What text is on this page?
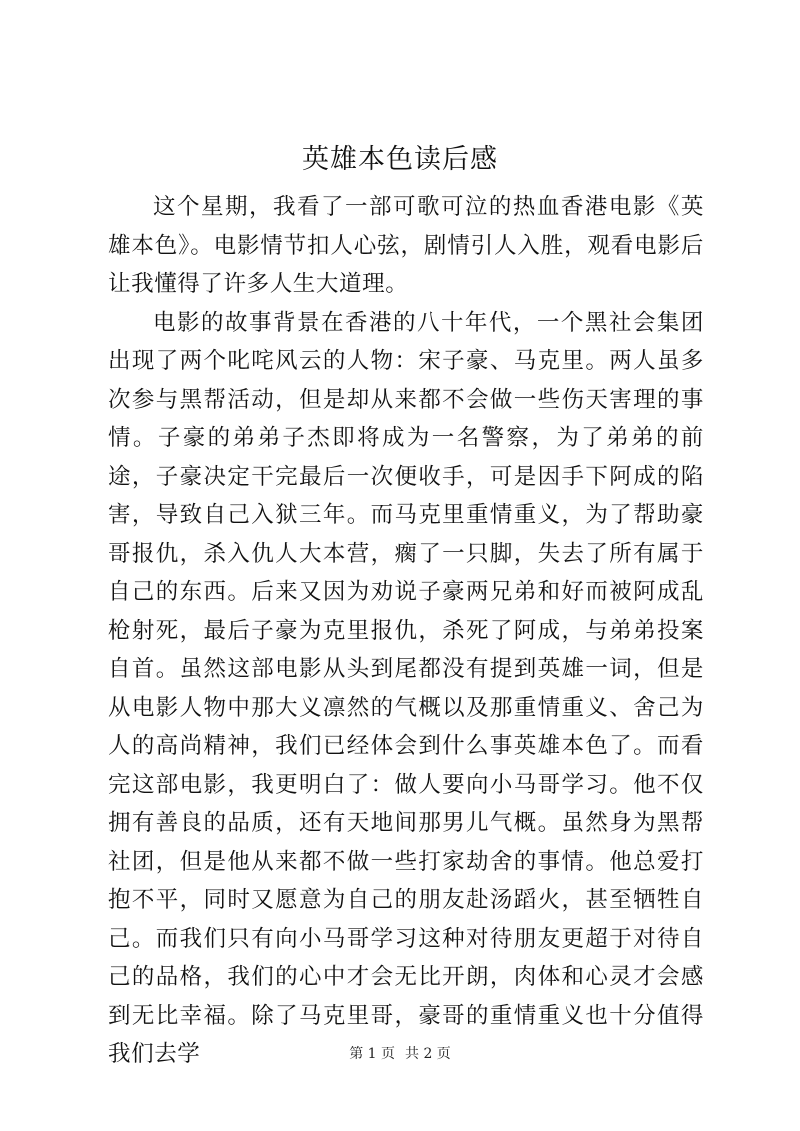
英雄本色读后感

这个星期，我看了一部可歌可泣的热血香港电影《英雄本色》。电影情节扣人心弦，剧情引人入胜，观看电影后让我懂得了许多人生大道理。

电影的故事背景在香港的八十年代，一个黑社会集团出现了两个叱咤风云的人物：宋子豪、马克里。两人虽多次参与黑帮活动，但是却从来都不会做一些伤天害理的事情。子豪的弟弟子杰即将成为一名警察，为了弟弟的前途，子豪决定干完最后一次便收手，可是因手下阿成的陷害，导致自己入狱三年。而马克里重情重义，为了帮助豪哥报仇，杀入仇人大本营，瘸了一只脚，失去了所有属于自己的东西。后来又因为劝说子豪两兄弟和好而被阿成乱枪射死，最后子豪为克里报仇，杀死了阿成，与弟弟投案自首。虽然这部电影从头到尾都没有提到英雄一词，但是从电影人物中那大义凛然的气概以及那重情重义、舍己为人的高尚精神，我们已经体会到什么事英雄本色了。而看完这部电影，我更明白了：做人要向小马哥学习。他不仅拥有善良的品质，还有天地间那男儿气概。虽然身为黑帮社团，但是他从来都不做一些打家劫舍的事情。他总爱打抱不平，同时又愿意为自己的朋友赴汤蹈火，甚至牺牲自己。而我们只有向小马哥学习这种对待朋友更超于对待自己的品格，我们的心中才会无比开朗，肉体和心灵才会感到无比幸福。除了马克里哥，豪哥的重情重义也十分值得我们去学	第 1 页 共 2 页
